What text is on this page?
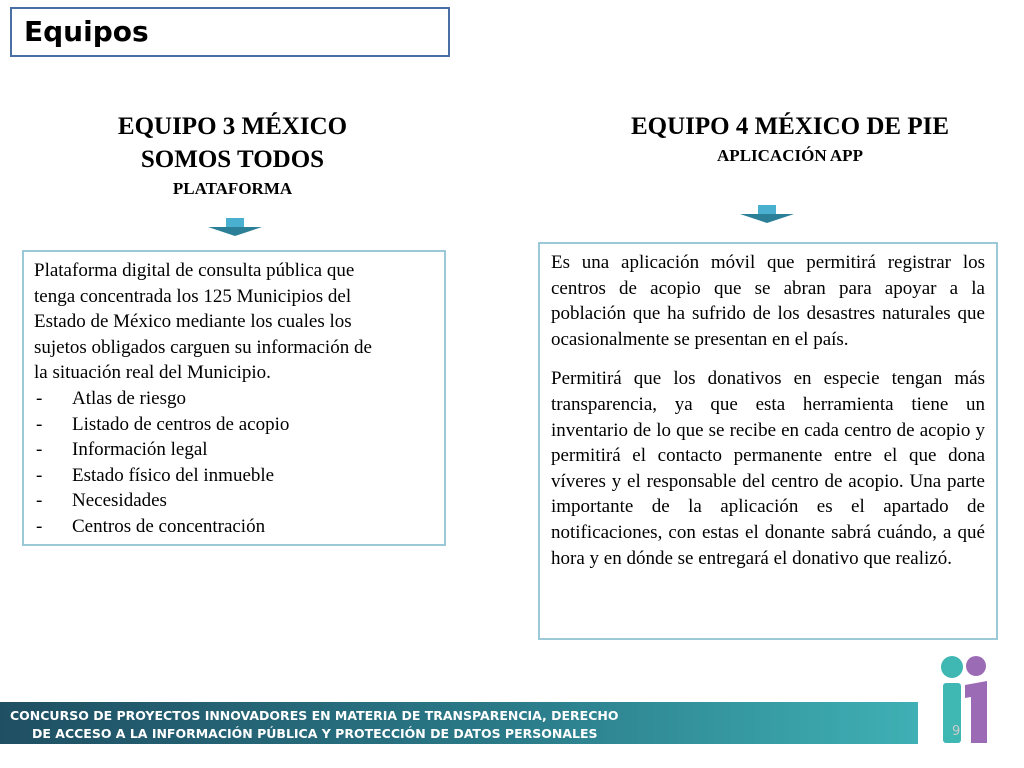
Equipos
EQUIPO 3 MÉXICO
SOMOS TODOS
PLATAFORMA
Plataforma digital de consulta pública que
tenga concentrada los 125 Municipios del
Estado de México mediante los cuales los
sujetos obligados carguen su información de
la situación real del Municipio.
- Atlas de riesgo
- Listado de centros de acopio
- Información legal
- Estado físico del inmueble
- Necesidades
- Centros de concentración
EQUIPO 4 MÉXICO DE PIE
APLICACIÓN APP

Es una aplicación móvil que permitirá registrar los centros de acopio que se abran para apoyar a la población que ha sufrido de los desastres naturales que ocasionalmente se presentan en el país.

Permitirá que los donativos en especie tengan más transparencia, ya que esta herramienta tiene un inventario de lo que se recibe en cada centro de acopio y permitirá el contacto permanente entre el que dona víveres y el responsable del centro de acopio. Una parte importante de la aplicación es el apartado de notificaciones, con estas el donante sabrá cuándo, a qué hora y en dónde se entregará el donativo que realizó.

CONCURSO DE PROYECTOS INNOVADORES EN MATERIA DE TRANSPARENCIA, DERECHO
DE ACCESO A LA INFORMACIÓN PÚBLICA Y PROTECCIÓN DE DATOS PERSONALES	9
